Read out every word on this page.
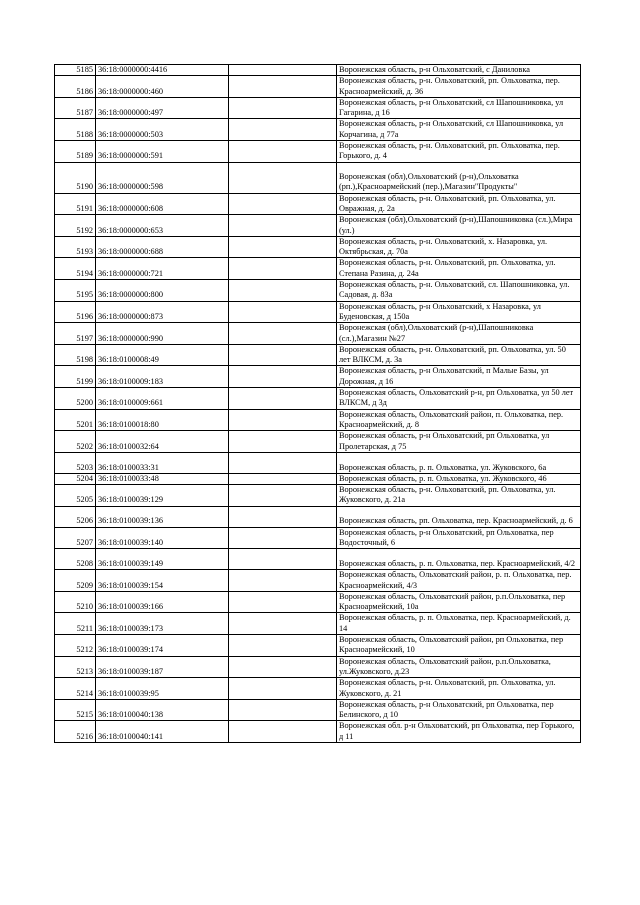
5185	36:18:0000000:4416		Воронежская область, р-н Ольховатский, с Даниловка
5186	36:18:0000000:460		Воронежская область, р-н. Ольховатский, рп. Ольховатка, пер. Красноармейский, д. 36
5187	36:18:0000000:497		Воронежская область, р-н Ольховатский, сл Шапошниковка, ул Гагарина, д 16
5188	36:18:0000000:503		Воронежская область, р-н Ольховатский, сл Шапошниковка, ул Корчагина, д 77а
5189	36:18:0000000:591		Воронежская область, р-н. Ольховатский, рп. Ольховатка, пер. Горького, д. 4
5190	36:18:0000000:598		Воронежская (обл),Ольховатский (р-н),Ольховатка (рп.),Красноармейский (пер.),Магазин"Продукты"
5191	36:18:0000000:608		Воронежская область, р-н. Ольховатский, рп. Ольховатка, ул. Овражная, д. 2а
5192	36:18:0000000:653		Воронежская (обл),Ольховатский (р-н),Шапошниковка (сл.),Мира (ул.)
5193	36:18:0000000:688		Воронежская область, р-н. Ольховатский, х. Назаровка, ул. Октябрьская, д. 70а
5194	36:18:0000000:721		Воронежская область, р-н. Ольховатский, рп. Ольховатка, ул. Степана Разина, д. 24а
5195	36:18:0000000:800		Воронежская область, р-н. Ольховатский, сл. Шапошниковка, ул. Садовая, д. 83а
5196	36:18:0000000:873		Воронежская область, р-н Ольховатский, х Назаровка, ул Буденовская, д 150а
5197	36:18:0000000:990		Воронежская (обл),Ольховатский (р-н),Шапошниковка (сл.),Магазин №27
5198	36:18:0100008:49		Воронежская область, р-н. Ольховатский, рп. Ольховатка, ул. 50 лет ВЛКСМ, д. 3а
5199	36:18:0100009:183		Воронежская область, р-н Ольховатский, п Малые Базы, ул Дорожная, д 16
5200	36:18:0100009:661		Воронежская область, Ольховатский р-н, рп Ольховатка, ул 50 лет ВЛКСМ, д 3д
5201	36:18:0100018:80		Воронежская область, Ольховатский район, п. Ольховатка, пер. Красноармейский, д. 8
5202	36:18:0100032:64		Воронежская область, р-н Ольховатский, рп Ольховатка, ул Пролетарская, д 75
5203	36:18:0100033:31		Воронежская область, р. п. Ольховатка, ул. Жуковского, 6а
5204	36:18:0100033:48		Воронежская область, р. п. Ольховатка, ул. Жуковского, 46
5205	36:18:0100039:129		Воронежская область, р-н. Ольховатский, рп. Ольховатка, ул. Жуковского, д. 21а
5206	36:18:0100039:136		Воронежская область, рп. Ольховатка, пер. Красноармейский, д. 6
5207	36:18:0100039:140		Воронежская область, р-н Ольховатский, рп Ольховатка, пер Водосточный, 6
5208	36:18:0100039:149		Воронежская область, р. п. Ольховатка, пер. Красноармейский, 4/2
5209	36:18:0100039:154		Воронежская область, Ольховатский район, р. п. Ольховатка, пер. Красноармейский, 4/3
5210	36:18:0100039:166		Воронежская область, Ольховатский район, р.п.Ольховатка, пер Красноармейский, 10а
5211	36:18:0100039:173		Воронежская область, р. п. Ольховатка, пер. Красноармейский, д. 14
5212	36:18:0100039:174		Воронежская область, Ольховатский район, рп Ольховатка, пер Красноармейский, 10
5213	36:18:0100039:187		Воронежская область, Ольховатский район, р.п.Ольховатка, ул.Жуковского, д.23
5214	36:18:0100039:95		Воронежская область, р-н. Ольховатский, рп. Ольховатка, ул. Жуковского, д. 21
5215	36:18:0100040:138		Воронежская область, р-н Ольховатский, рп Ольховатка, пер Белинского, д 10
5216	36:18:0100040:141		Воронежская обл. р-н Ольховатский, рп Ольховатка, пер Горького, д 11
